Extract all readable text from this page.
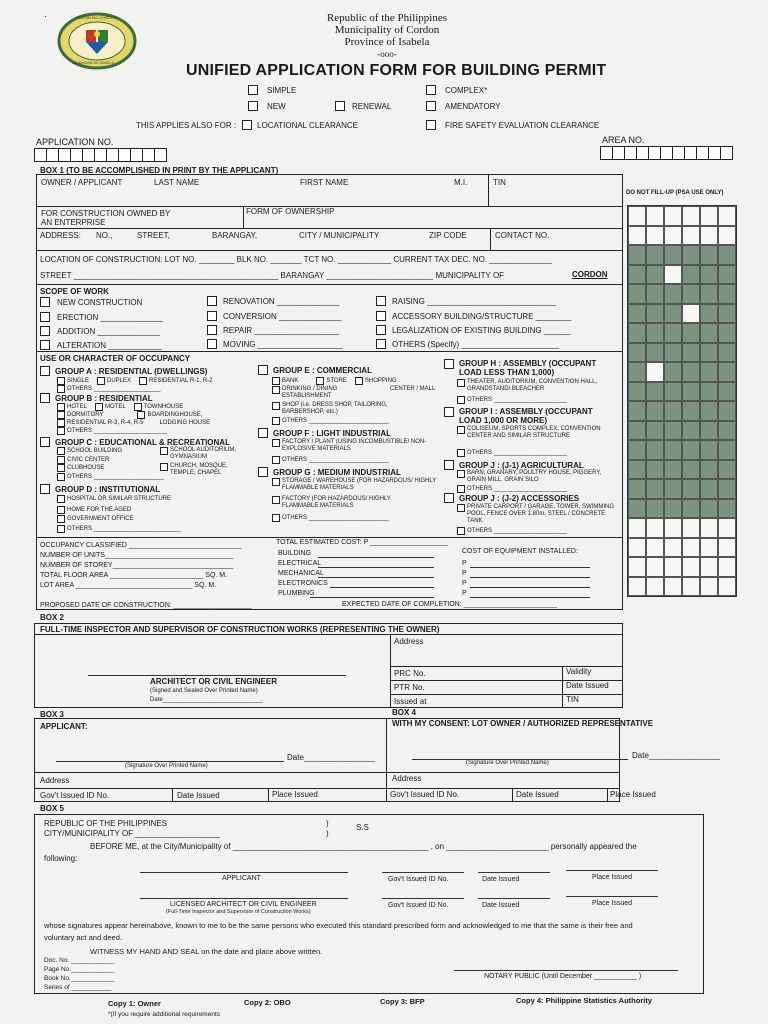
·	BAYAN NG CORDON
LALAWIGAN NG ISABELA
Republic of the Philippines
Municipality of Cordon
Province of Isabela
-ooo-
UNIFIED APPLICATION FORM FOR BUILDING PERMIT
SIMPLE
NEW	RENEWAL
COMPLEX*
AMENDATORY
THIS APPLIES ALSO FOR :	LOCATIONAL CLEARANCE	FIRE SAFETY EVALUATION CLEARANCE
APPLICATION NO.	AREA NO.
DO NOT FILL-UP (PSA USE ONLY)
BOX 1 (TO BE ACCOMPLISHED IN PRINT BY THE APPLICANT)
OWNER / APPLICANT	LAST NAME	FIRST NAME	M.I.	TIN
FOR CONSTRUCTION OWNED BY AN ENTERPRISE
FORM OF OWNERSHIP
ADDRESS: NO.,	STREET,	BARANGAY,	CITY / MUNICIPALITY	ZIP CODE	CONTACT NO.
LOCATION OF CONSTRUCTION: LOT NO. ________ BLK NO. _______ TCT NO. ____________ CURRENT TAX DEC. NO. ______________
STREET ______________________________________________ BARANGAY ________________________ MUNICIPALITY OF	CORDON
SCOPE OF WORK
NEW CONSTRUCTION
ERECTION ______________
ADDITION ______________
ALTERATION ____________
RENOVATION ______________
CONVERSION ______________
REPAIR ___________________
MOVING ___________________
RAISING _____________________________
ACCESSORY BUILDING/STRUCTURE ________
LEGALIZATION OF EXISTING BUILDING ______
OTHERS (Specify) ______________________
USE OR CHARACTER OF OCCUPANCY
GROUP A : RESIDENTIAL (DWELLINGS)
SINGLE	DUPLEX	RESIDENTIAL R-1, R-2
OTHERS ____________________
GROUP B : RESIDENTIAL
HOTEL	MOTEL	TOWNHOUSE
DORMITORY	BOARDINGHOUSE,
RESIDENTIAL R-3, R-4, R-5	LODGING HOUSE
OTHERS ______________________
GROUP C : EDUCATIONAL & RECREATIONAL
SCHOOL BUILDING	SCHOOL AUDITORIUM, GYMNASIUM
CIVIC CENTER
CLUBHOUSE	CHURCH, MOSQUE, TEMPLE, CHAPEL
OTHERS _____________________
GROUP D : INSTITUTIONAL
HOSPITAL OR SIMILAR STRUCTURE
HOME FOR THE AGED
GOVERNMENT OFFICE
OTHERS __________________________
GROUP E : COMMERCIAL
BANK	STORE	SHOPPING
DRINKING / DINING ESTABLISHMENT
CENTER / MALL
SHOP (i.e. DRESS SHOP, TAILORING, BARBERSHOP, etc.)
OTHERS ________________________
GROUP F : LIGHT INDUSTRIAL
FACTORY / PLANT (USING INCOMBUSTIBLE/ NON-EXPLOSIVE MATERIALS
OTHERS ________________________
GROUP G : MEDIUM INDUSTRIAL
STORAGE / WAREHOUSE (FOR HAZARDOUS/ HIGHLY FLAMMABLE MATERIALS
FACTORY (FOR HAZARDOUS/ HIGHLY FLAMMABLE MATERIALS
OTHERS ________________________
GROUP H : ASSEMBLY (OCCUPANT LOAD LESS THAN 1,000)
THEATER, AUDITORIUM, CONVENTION HALL, GRANDSTAND/ BLEACHER
OTHERS ______________________
GROUP I : ASSEMBLY (OCCUPANT LOAD 1,000 OR MORE)
COLISEUM, SPORTS COMPLEX, CONVENTION CENTER AND SIMILAR STRUCTURE
OTHERS ______________________
GROUP J : (J-1) AGRICULTURAL
BARN, GRANARY, POULTRY HOUSE, PIGGERY, GRAIN MILL, GRAIN SILO
OTHERS ______________________
GROUP J : (J-2) ACCESSORIES
PRIVATE CARPORT / GARAGE, TOWER, SWIMMING POOL, FENCE OVER 1.80m, STEEL / CONCRETE TANK
OTHERS ______________________
OCCUPANCY CLASSIFIED _____________________________
NUMBER OF UNITS_________________________________
NUMBER OF STOREY_______________________________
TOTAL FLOOR AREA ________________________ SQ. M.
LOT AREA ______________________________ SQ. M.
TOTAL ESTIMATED COST: P ____________________
BUILDING
ELECTRICAL
MECHANICAL
ELECTRONICS
PLUMBING
COST OF EQUIPMENT INSTALLED:
P
P
P
P
PROPOSED DATE OF CONSTRUCTION: ____________________	EXPECTED DATE OF COMPLETION: ________________________
BOX 2
FULL-TIME INSPECTOR AND SUPERVISOR OF CONSTRUCTION WORKS (REPRESENTING THE OWNER)
Address
ARCHITECT OR CIVIL ENGINEER
(Signed and Sealed Over Printed Name)
Date______________________________
PRC No.	Validity
PTR No.	Date Issued
Issued at	TIN
BOX 3	BOX 4
APPLICANT:
Date________________
(Signature Over Printed Name)
Address	Address
Gov't Issued ID No.	Date Issued	Place Issued
WITH MY CONSENT: LOT OWNER / AUTHORIZED REPRESENTATIVE
Date________________
(Signature Over Printed Name)
Gov't Issued ID No.	Date Issued	Place Issued
BOX 5
REPUBLIC OF THE PHILIPPINES
CITY/MUNICIPALITY OF ___________________
)
)
S.S
BEFORE ME, at the City/Municipality of ____________________________________________ , on _______________________ personally appeared the
following:
APPLICANT	Gov't Issued ID No.	Date Issued	Place Issued
LICENSED ARCHITECT OR CIVIL ENGINEER
(Full-Time Inspector and Supervisor of Construction Works)
Gov't Issued ID No.	Date Issued	Place Issued
whose signatures appear hereinabove, known to me to be the same persons who executed this standard prescribed form and acknowledged to me that the same is their free and
voluntary act and deed.
WITNESS MY HAND AND SEAL on the date and place above written.
Doc. No. ____________
Page No.____________
Book No.____________
Series of ___________
NOTARY PUBLIC (Until December ___________ )
Copy 1: Owner	Copy 2: OBO	Copy 3: BFP	Copy 4: Philippine Statistics Authority
*(If you require additional requirements
